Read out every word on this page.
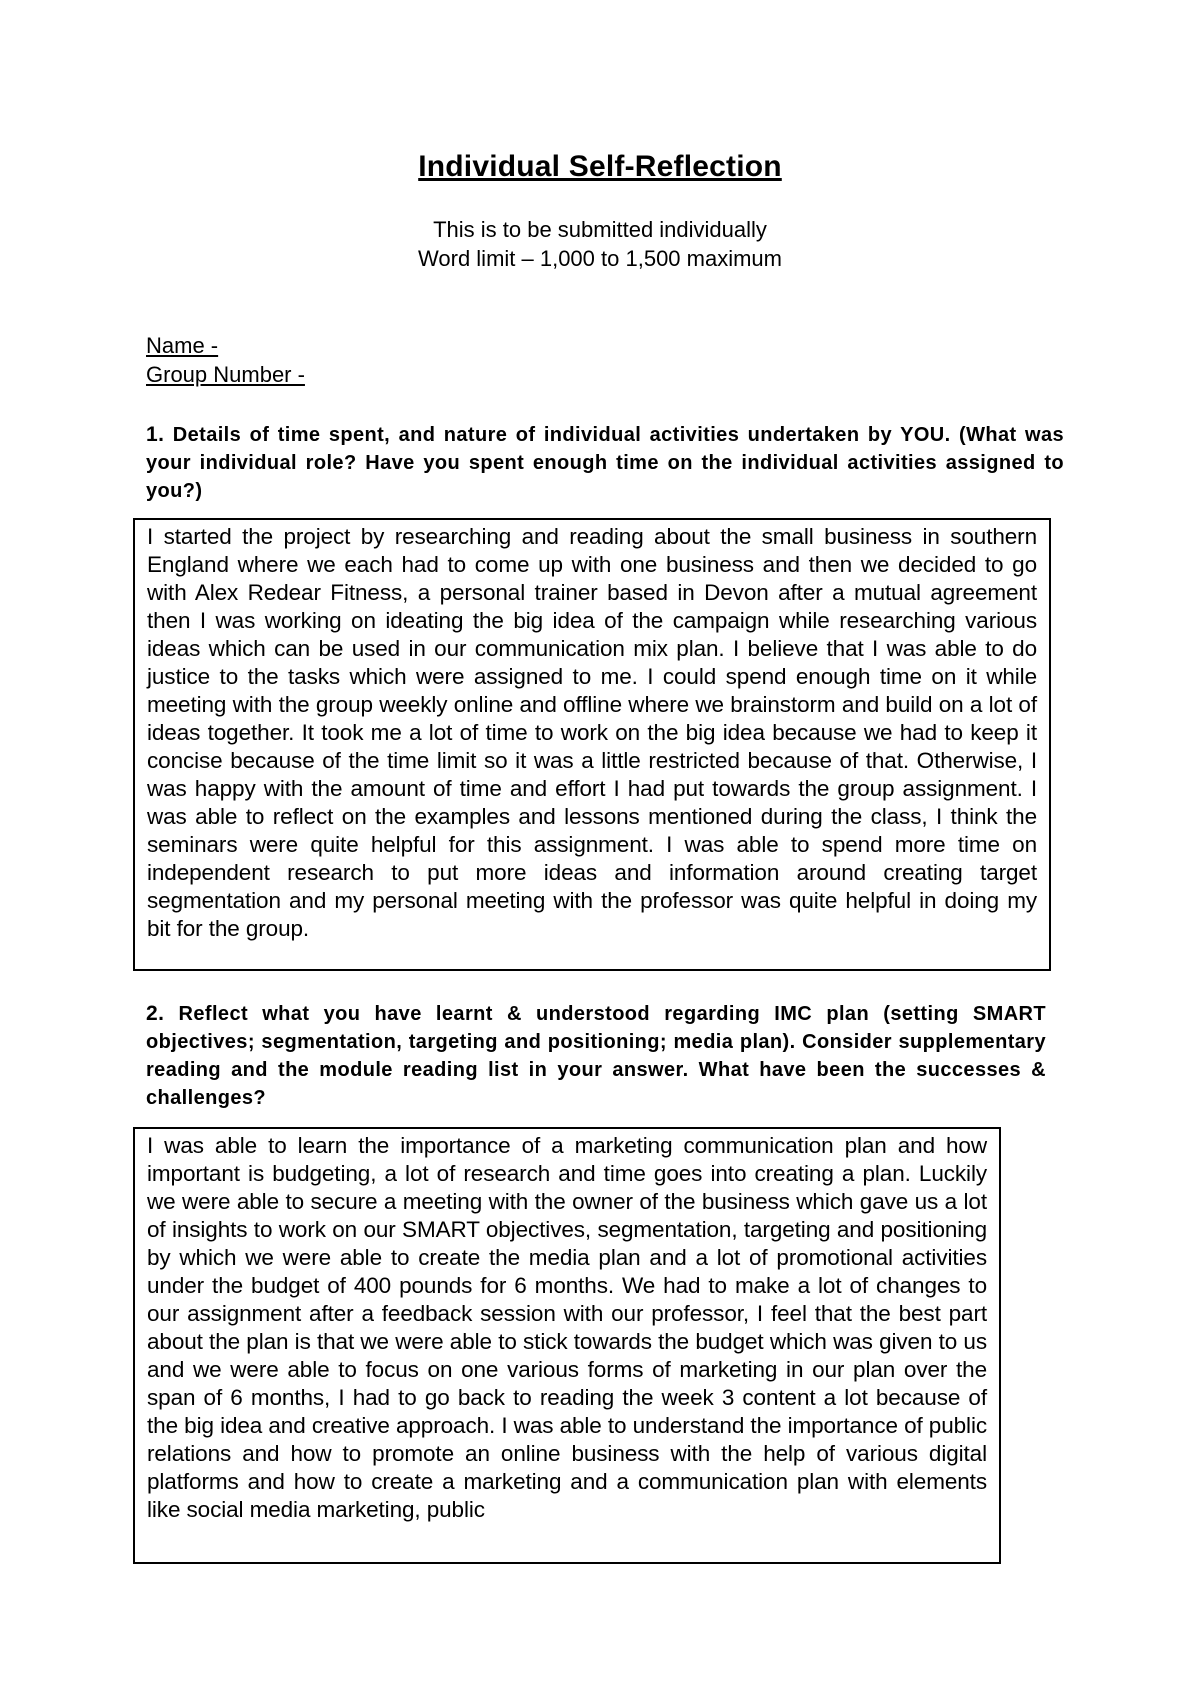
Individual Self-Reflection
This is to be submitted individually
Word limit – 1,000 to 1,500 maximum
Name -
Group Number -
1. Details of time spent, and nature of individual activities undertaken by YOU. (What was your individual role? Have you spent enough time on the individual activities assigned to you?)

I started the project by researching and reading about the small business in southern England where we each had to come up with one business and then we decided to go with Alex Redear Fitness, a personal trainer based in Devon after a mutual agreement then I was working on ideating the big idea of the campaign while researching various ideas which can be used in our communication mix plan. I believe that I was able to do justice to the tasks which were assigned to me. I could spend enough time on it while meeting with the group weekly online and offline where we brainstorm and build on a lot of ideas together. It took me a lot of time to work on the big idea because we had to keep it concise because of the time limit so it was a little restricted because of that. Otherwise, I was happy with the amount of time and effort I had put towards the group assignment. I was able to reflect on the examples and lessons mentioned during the class, I think the seminars were quite helpful for this assignment. I was able to spend more time on independent research to put more ideas and information around creating target segmentation and my personal meeting with the professor was quite helpful in doing my bit for the group.

2. Reflect what you have learnt & understood regarding IMC plan (setting SMART objectives; segmentation, targeting and positioning; media plan). Consider supplementary reading and the module reading list in your answer. What have been the successes & challenges?

I was able to learn the importance of a marketing communication plan and how important is budgeting, a lot of research and time goes into creating a plan. Luckily we were able to secure a meeting with the owner of the business which gave us a lot of insights to work on our SMART objectives, segmentation, targeting and positioning by which we were able to create the media plan and a lot of promotional activities under the budget of 400 pounds for 6 months. We had to make a lot of changes to our assignment after a feedback session with our professor, I feel that the best part about the plan is that we were able to stick towards the budget which was given to us and we were able to focus on one various forms of marketing in our plan over the span of 6 months, I had to go back to reading the week 3 content a lot because of the big idea and creative approach. I was able to understand the importance of public relations and how to promote an online business with the help of various digital platforms and how to create a marketing and a communication plan with elements like social media marketing, public
